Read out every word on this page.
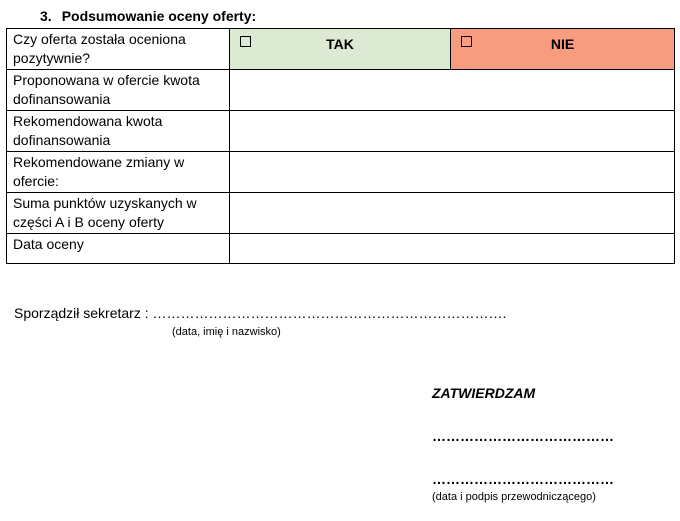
3. Podsumowanie oceny oferty:
Czy oferta została oceniona pozytywnie?	TAK	NIE

Proponowana w ofercie kwota dofinansowania		
Rekomendowana kwota dofinansowania		
Rekomendowane zmiany w ofercie:		
Suma punktów uzyskanych w części A i B oceny oferty		
Data oceny		
Sporządził sekretarz : ………………………………………………………………….
(data, imię i nazwisko)
ZATWIERDZAM
…………………………………
…………………………………
(data i podpis przewodniczącego)
